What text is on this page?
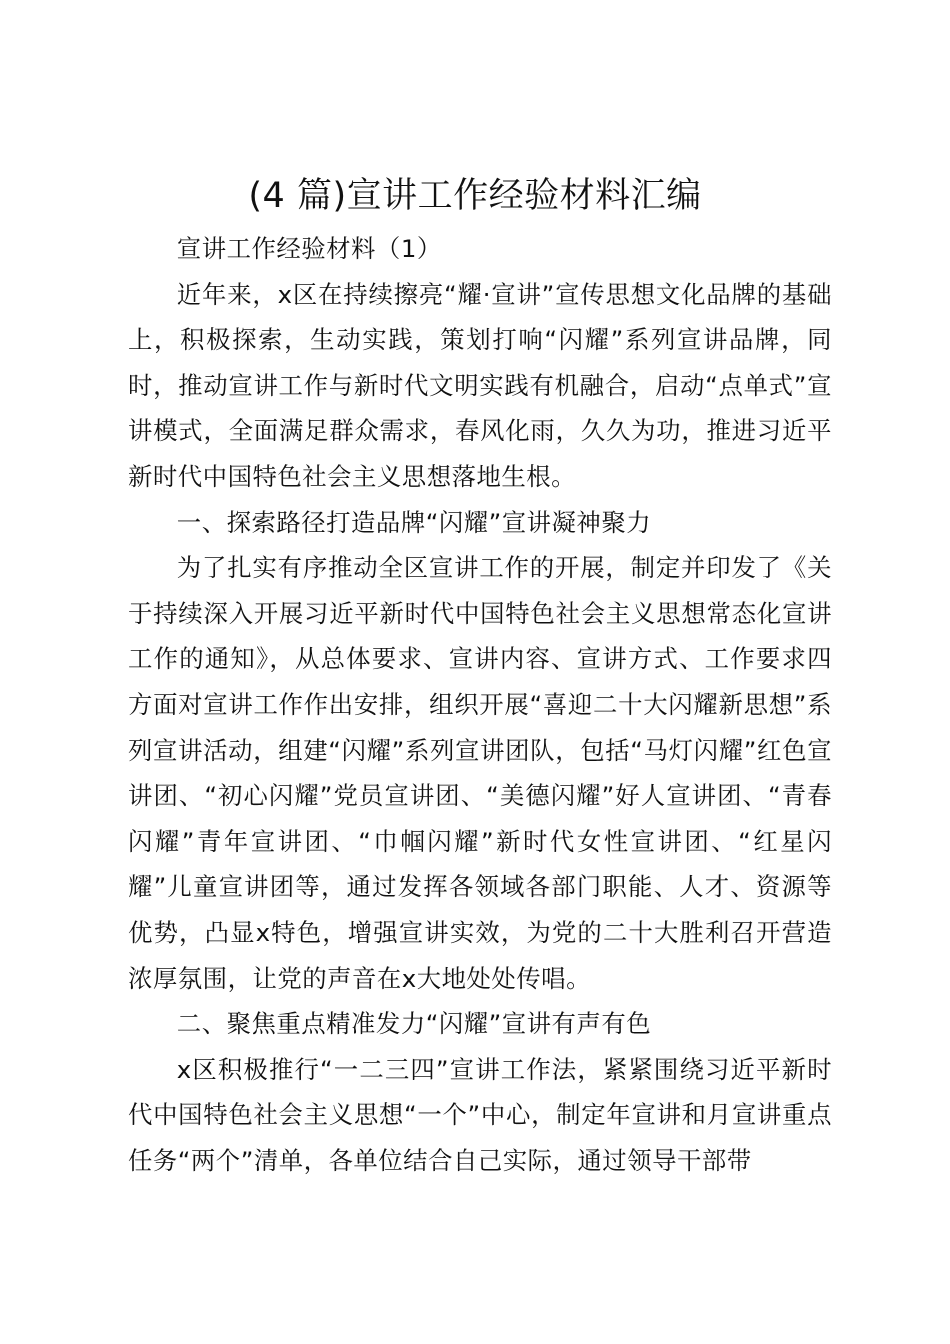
(4 篇)宣讲工作经验材料汇编

宣讲工作经验材料（1）

近年来，x区在持续擦亮“耀·宣讲”宣传思想文化品牌的基础上，积极探索，生动实践，策划打响“闪耀”系列宣讲品牌，同时，推动宣讲工作与新时代文明实践有机融合，启动“点单式”宣讲模式，全面满足群众需求，春风化雨，久久为功，推进习近平新时代中国特色社会主义思想落地生根。

一、探索路径打造品牌“闪耀”宣讲凝神聚力

为了扎实有序推动全区宣讲工作的开展，制定并印发了《关于持续深入开展习近平新时代中国特色社会主义思想常态化宣讲工作的通知》，从总体要求、宣讲内容、宣讲方式、工作要求四方面对宣讲工作作出安排，组织开展“喜迎二十大闪耀新思想”系列宣讲活动，组建“闪耀”系列宣讲团队，包括“马灯闪耀”红色宣讲团、“初心闪耀”党员宣讲团、“美德闪耀”好人宣讲团、“青春闪耀”青年宣讲团、“巾帼闪耀”新时代女性宣讲团、“红星闪耀”儿童宣讲团等，通过发挥各领域各部门职能、人才、资源等优势，凸显x特色，增强宣讲实效，为党的二十大胜利召开营造浓厚氛围，让党的声音在x大地处处传唱。

二、聚焦重点精准发力“闪耀”宣讲有声有色

x区积极推行“一二三四”宣讲工作法，紧紧围绕习近平新时代中国特色社会主义思想“一个”中心，制定年宣讲和月宣讲重点任务“两个”清单，各单位结合自己实际，通过领导干部带
